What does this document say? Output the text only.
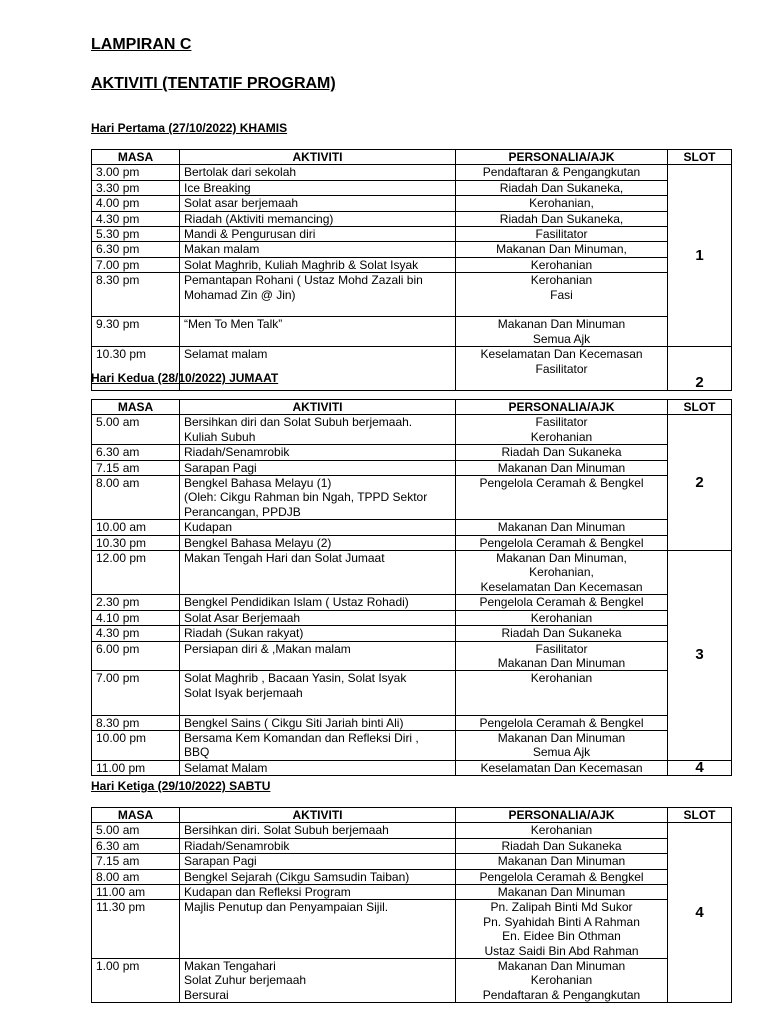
LAMPIRAN C
AKTIVITI (TENTATIF PROGRAM)
Hari Pertama (27/10/2022) KHAMIS
MASA	AKTIVITI	PERSONALIA/AJK	SLOT
3.00 pm	Bertolak dari sekolah	Pendaftaran & Pengangkutan	1
3.30 pm	Ice Breaking	Riadah Dan Sukaneka,	

4.00 pm	Solat asar berjemaah	Kerohanian,	

4.30 pm	Riadah (Aktiviti memancing)	Riadah Dan Sukaneka,	

5.30 pm	Mandi & Pengurusan diri	Fasilitator	

6.30 pm	Makan malam	Makanan Dan Minuman,	

7.00 pm	Solat Maghrib, Kuliah Maghrib & Solat Isyak	Kerohanian	

8.30 pm	Pemantapan Rohani ( Ustaz Mohd Zazali bin
Mohamad Zin @ Jin)	Kerohanian
Fasi	

9.30 pm	“Men To Men Talk”	Makanan Dan Minuman
Semua Ajk	

10.30 pm	Selamat malam	Keselamatan Dan Kecemasan
Fasilitator	2
Hari Kedua (28/10/2022) JUMAAT
MASA	AKTIVITI	PERSONALIA/AJK	SLOT
5.00 am	Bersihkan diri dan Solat Subuh berjemaah.
Kuliah Subuh	Fasilitator
Kerohanian	2
6.30 am	Riadah/Senamrobik	Riadah Dan Sukaneka	

7.15 am	Sarapan Pagi	Makanan Dan Minuman	

8.00 am	Bengkel Bahasa Melayu (1)
(Oleh: Cikgu Rahman bin Ngah, TPPD Sektor
Perancangan, PPDJB	Pengelola Ceramah & Bengkel	

10.00 am	Kudapan	Makanan Dan Minuman	

10.30 pm	Bengkel Bahasa Melayu (2)	Pengelola Ceramah & Bengkel	

12.00 pm	Makan Tengah Hari dan Solat Jumaat	Makanan Dan Minuman,
Kerohanian,
Keselamatan Dan Kecemasan	3
2.30 pm	Bengkel Pendidikan Islam ( Ustaz Rohadi)	Pengelola Ceramah & Bengkel	

4.10 pm	Solat Asar Berjemaah	Kerohanian	

4.30 pm	Riadah (Sukan rakyat)	Riadah Dan Sukaneka	

6.00 pm	Persiapan diri & ,Makan malam	Fasilitator
Makanan Dan Minuman	

7.00 pm	Solat Maghrib , Bacaan Yasin, Solat Isyak
Solat Isyak berjemaah	Kerohanian	

8.30 pm	Bengkel Sains ( Cikgu Siti Jariah binti Ali)	Pengelola Ceramah & Bengkel	

10.00 pm	Bersama Kem Komandan dan Refleksi Diri ,
BBQ	Makanan Dan Minuman
Semua Ajk	

11.00 pm	Selamat Malam	Keselamatan Dan Kecemasan	4
Hari Ketiga (29/10/2022) SABTU
MASA	AKTIVITI	PERSONALIA/AJK	SLOT
5.00 am	Bersihkan diri. Solat Subuh berjemaah	Kerohanian	4
6.30 am	Riadah/Senamrobik	Riadah Dan Sukaneka	

7.15 am	Sarapan Pagi	Makanan Dan Minuman	

8.00 am	Bengkel Sejarah (Cikgu Samsudin Taiban)	Pengelola Ceramah & Bengkel	

11.00 am	Kudapan dan Refleksi Program	Makanan Dan Minuman	

11.30 pm	Majlis Penutup dan Penyampaian Sijil.	Pn. Zalipah Binti Md Sukor
Pn. Syahidah Binti A Rahman
En. Eidee Bin Othman
Ustaz Saidi Bin Abd Rahman	

1.00 pm	Makan Tengahari
Solat Zuhur berjemaah
Bersurai	Makanan Dan Minuman
Kerohanian
Pendaftaran & Pengangkutan	
